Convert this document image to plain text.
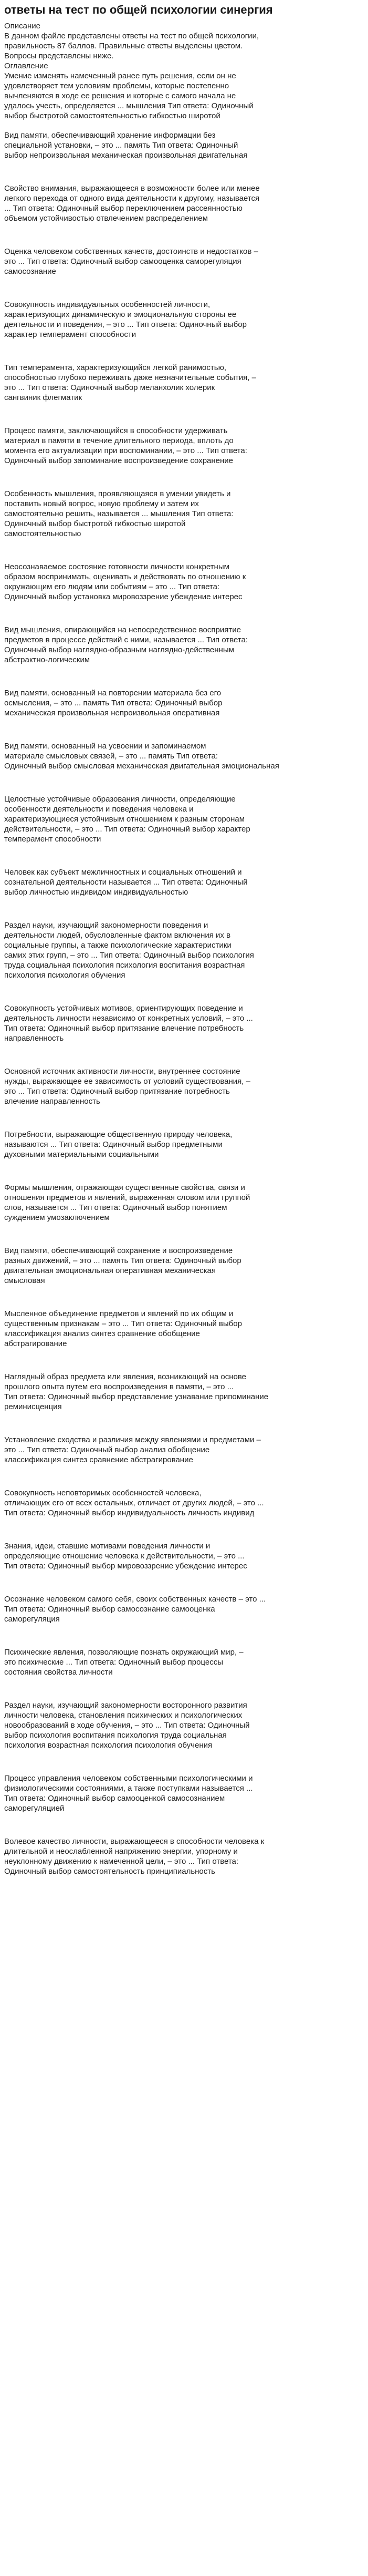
ответы на тест по общей психологии синергия

Описание

В данном файле представлены ответы на тест по общей психологии,

правильность 87 баллов. Правильные ответы выделены цветом.

Вопросы представлены ниже.

Оглавление

Умение изменять намеченный ранее путь решения, если он не

удовлетворяет тем условиям проблемы, которые постепенно

вычленяются в ходе ее решения и которые с самого начала не

удалось учесть, определяется ... мышления Тип ответа: Одиночный

выбор быстротой самостоятельностью гибкостью широтой

Вид памяти, обеспечивающий хранение информации без

специальной установки, – это ... память Тип ответа: Одиночный

выбор непроизвольная механическая произвольная двигательная

Свойство внимания, выражающееся в возможности более или менее

легкого перехода от одного вида деятельности к другому, называется

... Тип ответа: Одиночный выбор переключением рассеянностью

объемом устойчивостью отвлечением распределением

Оценка человеком собственных качеств, достоинств и недостатков –

это ... Тип ответа: Одиночный выбор самооценка саморегуляция

самосознание

Совокупность индивидуальных особенностей личности,

характеризующих динамическую и эмоциональную стороны ее

деятельности и поведения, – это ... Тип ответа: Одиночный выбор

характер темперамент способности

Тип темперамента, характеризующийся легкой ранимостью,

способностью глубоко переживать даже незначительные события, –

это ... Тип ответа: Одиночный выбор меланхолик холерик

сангвиник флегматик

Процесс памяти, заключающийся в способности удерживать

материал в памяти в течение длительного периода, вплоть до

момента его актуализации при воспоминании, – это ... Тип ответа:

Одиночный выбор запоминание воспроизведение сохранение

Особенность мышления, проявляющаяся в умении увидеть и

поставить новый вопрос, новую проблему и затем их

самостоятельно решить, называется ... мышления Тип ответа:

Одиночный выбор быстротой гибкостью широтой

самостоятельностью

Неосознаваемое состояние готовности личности конкретным

образом воспринимать, оценивать и действовать по отношению к

окружающим его людям или событиям – это ... Тип ответа:

Одиночный выбор установка мировоззрение убеждение интерес

Вид мышления, опирающийся на непосредственное восприятие

предметов в процессе действий с ними, называется ... Тип ответа:

Одиночный выбор наглядно-образным наглядно-действенным

абстрактно-логическим

Вид памяти, основанный на повторении материала без его

осмысления, – это ... память Тип ответа: Одиночный выбор

механическая произвольная непроизвольная оперативная

Вид памяти, основанный на усвоении и запоминаемом

материале смысловых связей, – это ... память Тип ответа:

Одиночный выбор смысловая механическая двигательная эмоциональная

Целостные устойчивые образования личности, определяющие

особенности деятельности и поведения человека и

характеризующиеся устойчивым отношением к разным сторонам

действительности, – это ... Тип ответа: Одиночный выбор характер

темперамент способности

Человек как субъект межличностных и социальных отношений и

сознательной деятельности называется ... Тип ответа: Одиночный

выбор личностью индивидом индивидуальностью

Раздел науки, изучающий закономерности поведения и

деятельности людей, обусловленные фактом включения их в

социальные группы, а также психологические характеристики

самих этих групп, – это ... Тип ответа: Одиночный выбор психология

труда социальная психология психология воспитания возрастная

психология психология обучения

Совокупность устойчивых мотивов, ориентирующих поведение и

деятельность личности независимо от конкретных условий, – это ...

Тип ответа: Одиночный выбор притязание влечение потребность

направленность

Основной источник активности личности, внутреннее состояние

нужды, выражающее ее зависимость от условий существования, –

это ... Тип ответа: Одиночный выбор притязание потребность

влечение направленность

Потребности, выражающие общественную природу человека,

называются ... Тип ответа: Одиночный выбор предметными

духовными материальными социальными

Формы мышления, отражающая существенные свойства, связи и

отношения предметов и явлений, выраженная словом или группой

слов, называется ... Тип ответа: Одиночный выбор понятием

суждением умозаключением

Вид памяти, обеспечивающий сохранение и воспроизведение

разных движений, – это ... память Тип ответа: Одиночный выбор

двигательная эмоциональная оперативная механическая

смысловая

Мысленное объединение предметов и явлений по их общим и

существенным признакам – это ... Тип ответа: Одиночный выбор

классификация анализ синтез сравнение обобщение

абстрагирование

Наглядный образ предмета или явления, возникающий на основе

прошлого опыта путем его воспроизведения в памяти, – это ...

Тип ответа: Одиночный выбор представление узнавание припоминание

реминисценция

Установление сходства и различия между явлениями и предметами –

это ... Тип ответа: Одиночный выбор анализ обобщение

классификация синтез сравнение абстрагирование

Совокупность неповторимых особенностей человека,

отличающих его от всех остальных, отличает от других людей, – это ...

Тип ответа: Одиночный выбор индивидуальность личность индивид

Знания, идеи, ставшие мотивами поведения личности и

определяющие отношение человека к действительности, – это ...

Тип ответа: Одиночный выбор мировоззрение убеждение интерес

Осознание человеком самого себя, своих собственных качеств – это ...

Тип ответа: Одиночный выбор самосознание самооценка

саморегуляция

Психические явления, позволяющие познать окружающий мир, –

это психические ... Тип ответа: Одиночный выбор процессы

состояния свойства личности

Раздел науки, изучающий закономерности восторонного развития

личности человека, становления психических и психологических

новообразований в ходе обучения, – это ... Тип ответа: Одиночный

выбор психология воспитания психология труда социальная

психология возрастная психология психология обучения

Процесс управления человеком собственными психологическими и

физиологическими состояниями, а также поступками называется ...

Тип ответа: Одиночный выбор самооценкой самосознанием

саморегуляцией

Волевое качество личности, выражающееся в способности человека к

длительной и неослабленной напряжению энергии, упорному и

неуклонному движению к намеченной цели, – это ... Тип ответа:

Одиночный выбор самостоятельность принципиальность
